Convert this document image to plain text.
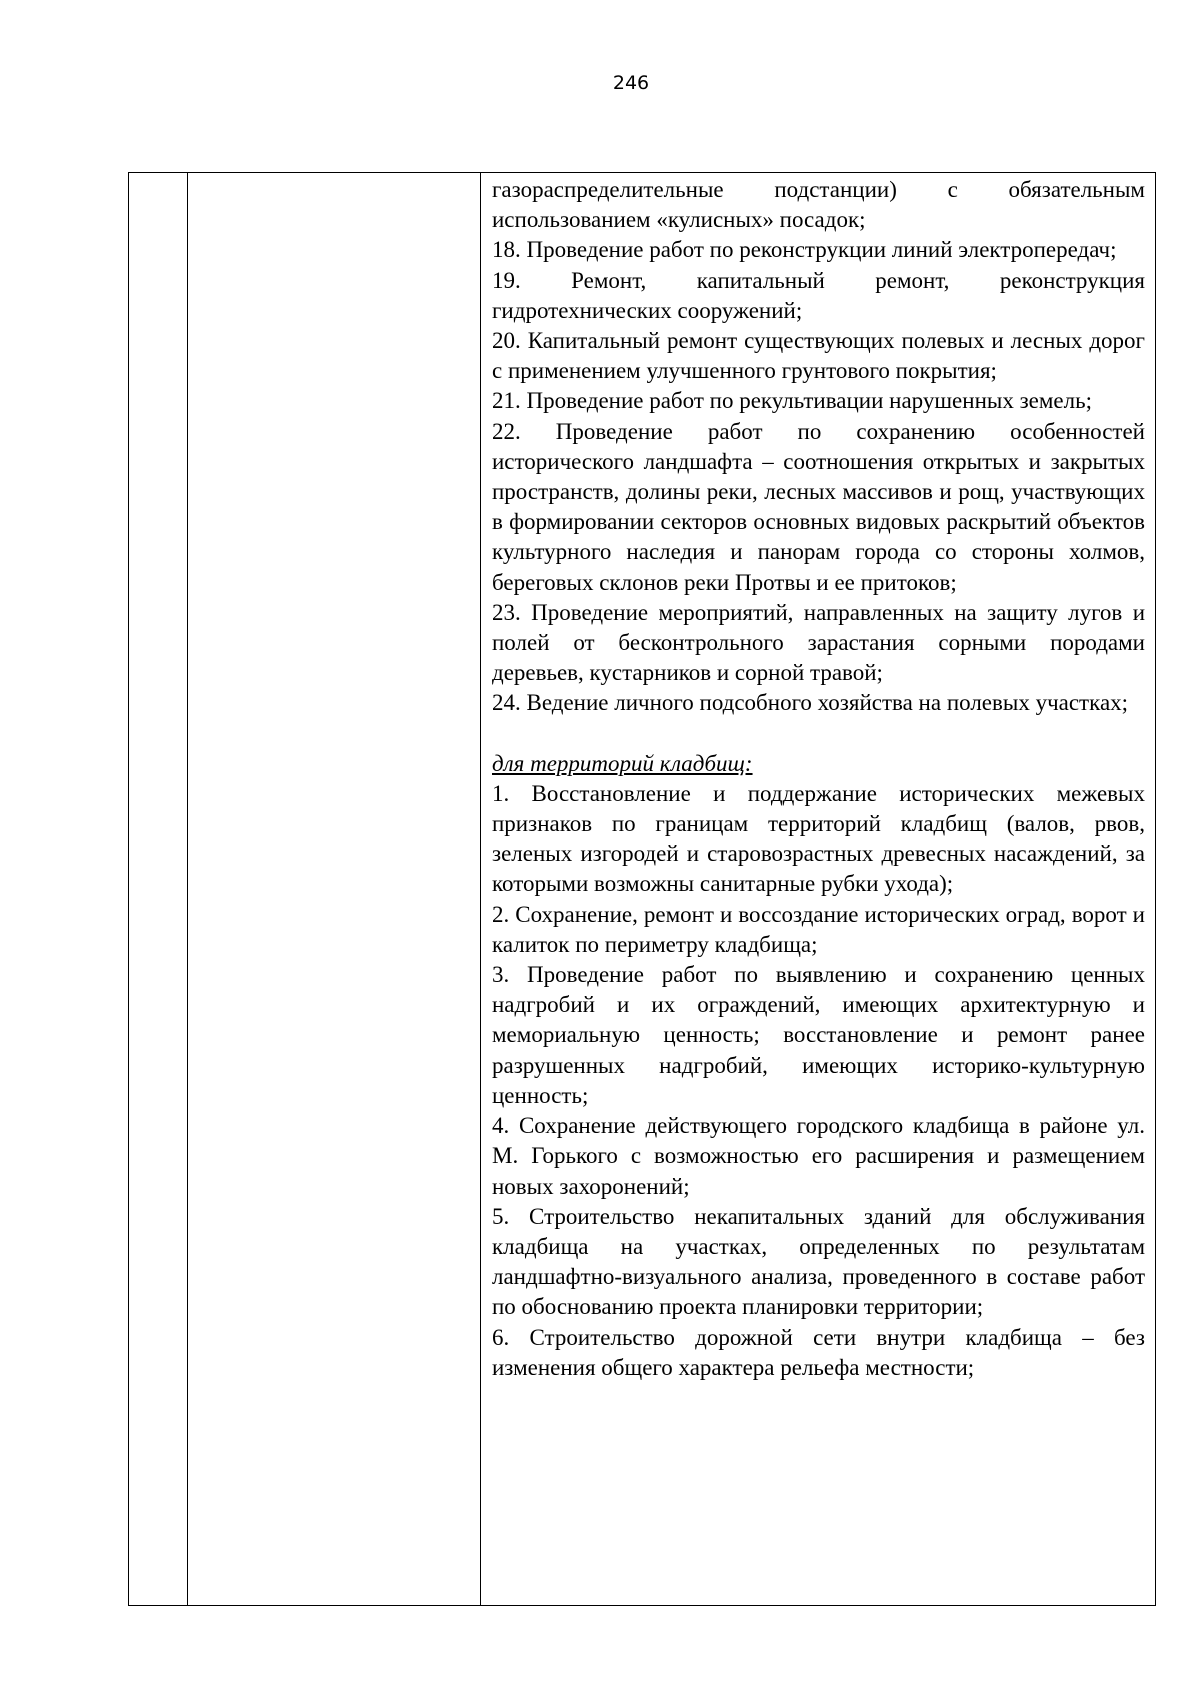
246

газораспределительные подстанции) с обязательным использованием «кулисных» посадок;

18. Проведение работ по реконструкции линий электропередач;

19. Ремонт, капитальный ремонт, реконструкция гидротехнических сооружений;

20. Капитальный ремонт существующих полевых и лесных дорог с применением улучшенного грунтового покрытия;

21. Проведение работ по рекультивации нарушенных земель;

22. Проведение работ по сохранению особенностей исторического ландшафта – соотношения открытых и закрытых пространств, долины реки, лесных массивов и рощ, участвующих в формировании секторов основных видовых раскрытий объектов культурного наследия и панорам города со стороны холмов, береговых склонов реки Протвы и ее притоков;

23. Проведение мероприятий, направленных на защиту лугов и полей от бесконтрольного зарастания сорными породами деревьев, кустарников и сорной травой;

24. Ведение личного подсобного хозяйства на полевых участках;

для территорий кладбищ:

1. Восстановление и поддержание исторических межевых признаков по границам территорий кладбищ (валов, рвов, зеленых изгородей и старовозрастных древесных насаждений, за которыми возможны санитарные рубки ухода);

2. Сохранение, ремонт и воссоздание исторических оград, ворот и калиток по периметру кладбища;

3. Проведение работ по выявлению и сохранению ценных надгробий и их ограждений, имеющих архитектурную и мемориальную ценность; восстановление и ремонт ранее разрушенных надгробий, имеющих историко-культурную ценность;

4. Сохранение действующего городского кладбища в районе ул. М. Горького с возможностью его расширения и размещением новых захоронений;

5. Строительство некапитальных зданий для обслуживания кладбища на участках, определенных по результатам ландшафтно-визуального анализа, проведенного в составе работ по обоснованию проекта планировки территории;

6. Строительство дорожной сети внутри кладбища – без изменения общего характера рельефа местности;
